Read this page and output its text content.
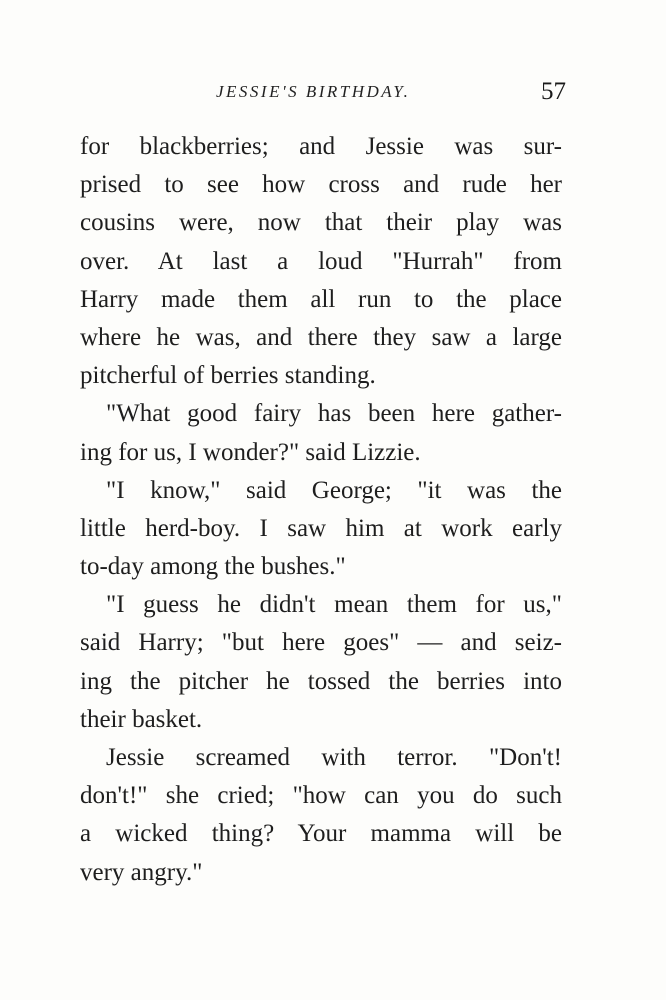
JESSIE'S BIRTHDAY.	57
for blackberries; and Jessie was sur-
prised to see how cross and rude her
cousins were, now that their play was
over. At last a loud "Hurrah" from
Harry made them all run to the place
where he was, and there they saw a large
pitcherful of berries standing.
"What good fairy has been here gather-
ing for us, I wonder?" said Lizzie.
"I know," said George; "it was the
little herd-boy. I saw him at work early
to-day among the bushes."
"I guess he didn't mean them for us,"
said Harry; "but here goes" — and seiz-
ing the pitcher he tossed the berries into
their basket.
Jessie screamed with terror. "Don't!
don't!" she cried; "how can you do such
a wicked thing? Your mamma will be
very angry."
